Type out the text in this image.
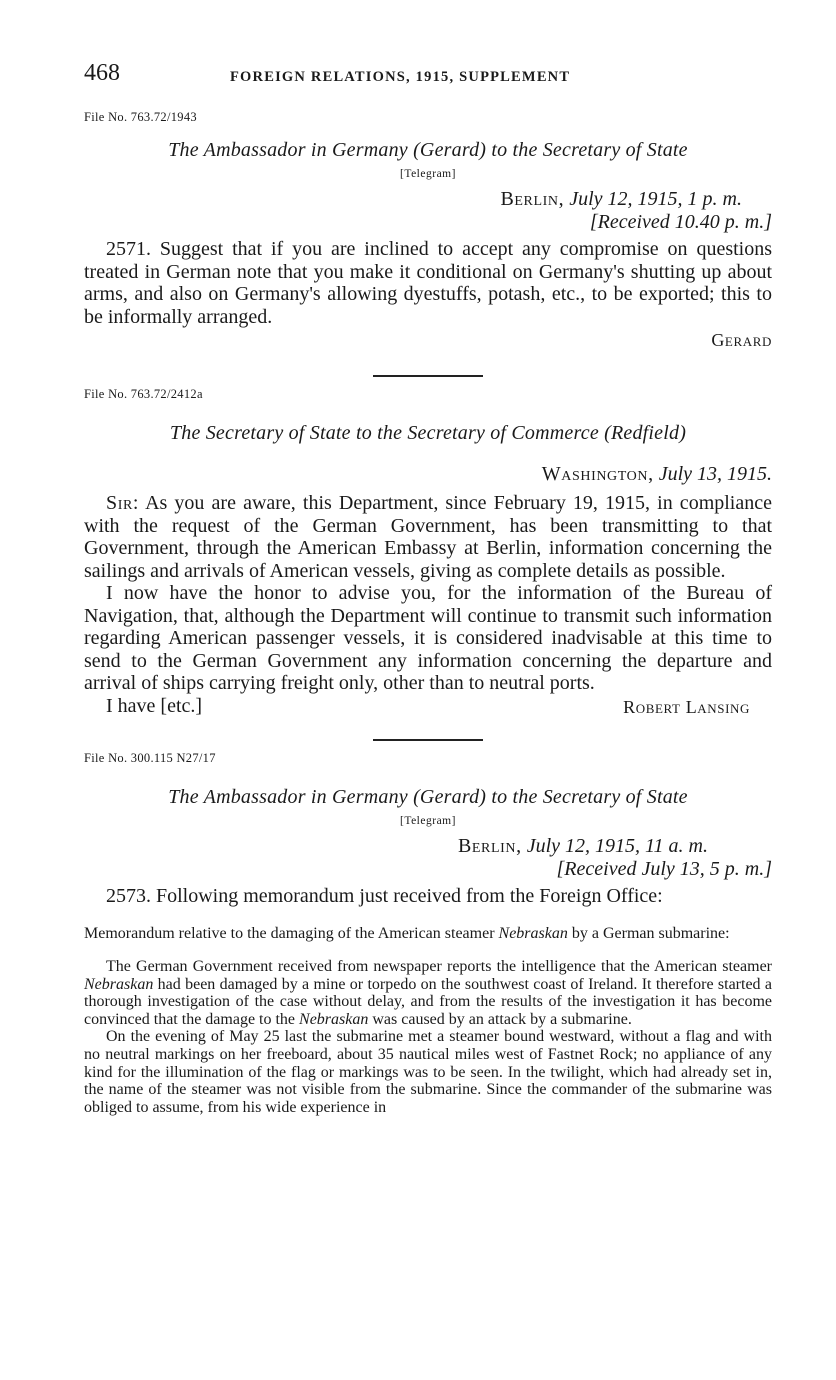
468	FOREIGN RELATIONS, 1915, SUPPLEMENT
File No. 763.72/1943
The Ambassador in Germany (Gerard) to the Secretary of State
[Telegram]
Berlin, July 12, 1915, 1 p. m.
[Received 10.40 p. m.]

2571. Suggest that if you are inclined to accept any compromise on questions treated in German note that you make it conditional on Germany's shutting up about arms, and also on Germany's allowing dyestuffs, potash, etc., to be exported; this to be informally arranged.

Gerard
File No. 763.72/2412a
The Secretary of State to the Secretary of Commerce (Redfield)
Washington, July 13, 1915.

Sir: As you are aware, this Department, since February 19, 1915, in compliance with the request of the German Government, has been transmitting to that Government, through the American Embassy at Berlin, information concerning the sailings and arrivals of American vessels, giving as complete details as possible.

I now have the honor to advise you, for the information of the Bureau of Navigation, that, although the Department will continue to transmit such information regarding American passenger vessels, it is considered inadvisable at this time to send to the German Government any information concerning the departure and arrival of ships carrying freight only, other than to neutral ports.

I have [etc.]	Robert Lansing
File No. 300.115 N27/17
The Ambassador in Germany (Gerard) to the Secretary of State
[Telegram]
Berlin, July 12, 1915, 11 a. m.
[Received July 13, 5 p. m.]

2573. Following memorandum just received from the Foreign Office:

Memorandum relative to the damaging of the American steamer Nebraskan by a German submarine:

The German Government received from newspaper reports the intelligence that the American steamer Nebraskan had been damaged by a mine or torpedo on the southwest coast of Ireland. It therefore started a thorough investigation of the case without delay, and from the results of the investigation it has become convinced that the damage to the Nebraskan was caused by an attack by a submarine.

On the evening of May 25 last the submarine met a steamer bound westward, without a flag and with no neutral markings on her freeboard, about 35 nautical miles west of Fastnet Rock; no appliance of any kind for the illumination of the flag or markings was to be seen. In the twilight, which had already set in, the name of the steamer was not visible from the submarine. Since the commander of the submarine was obliged to assume, from his wide experience in
